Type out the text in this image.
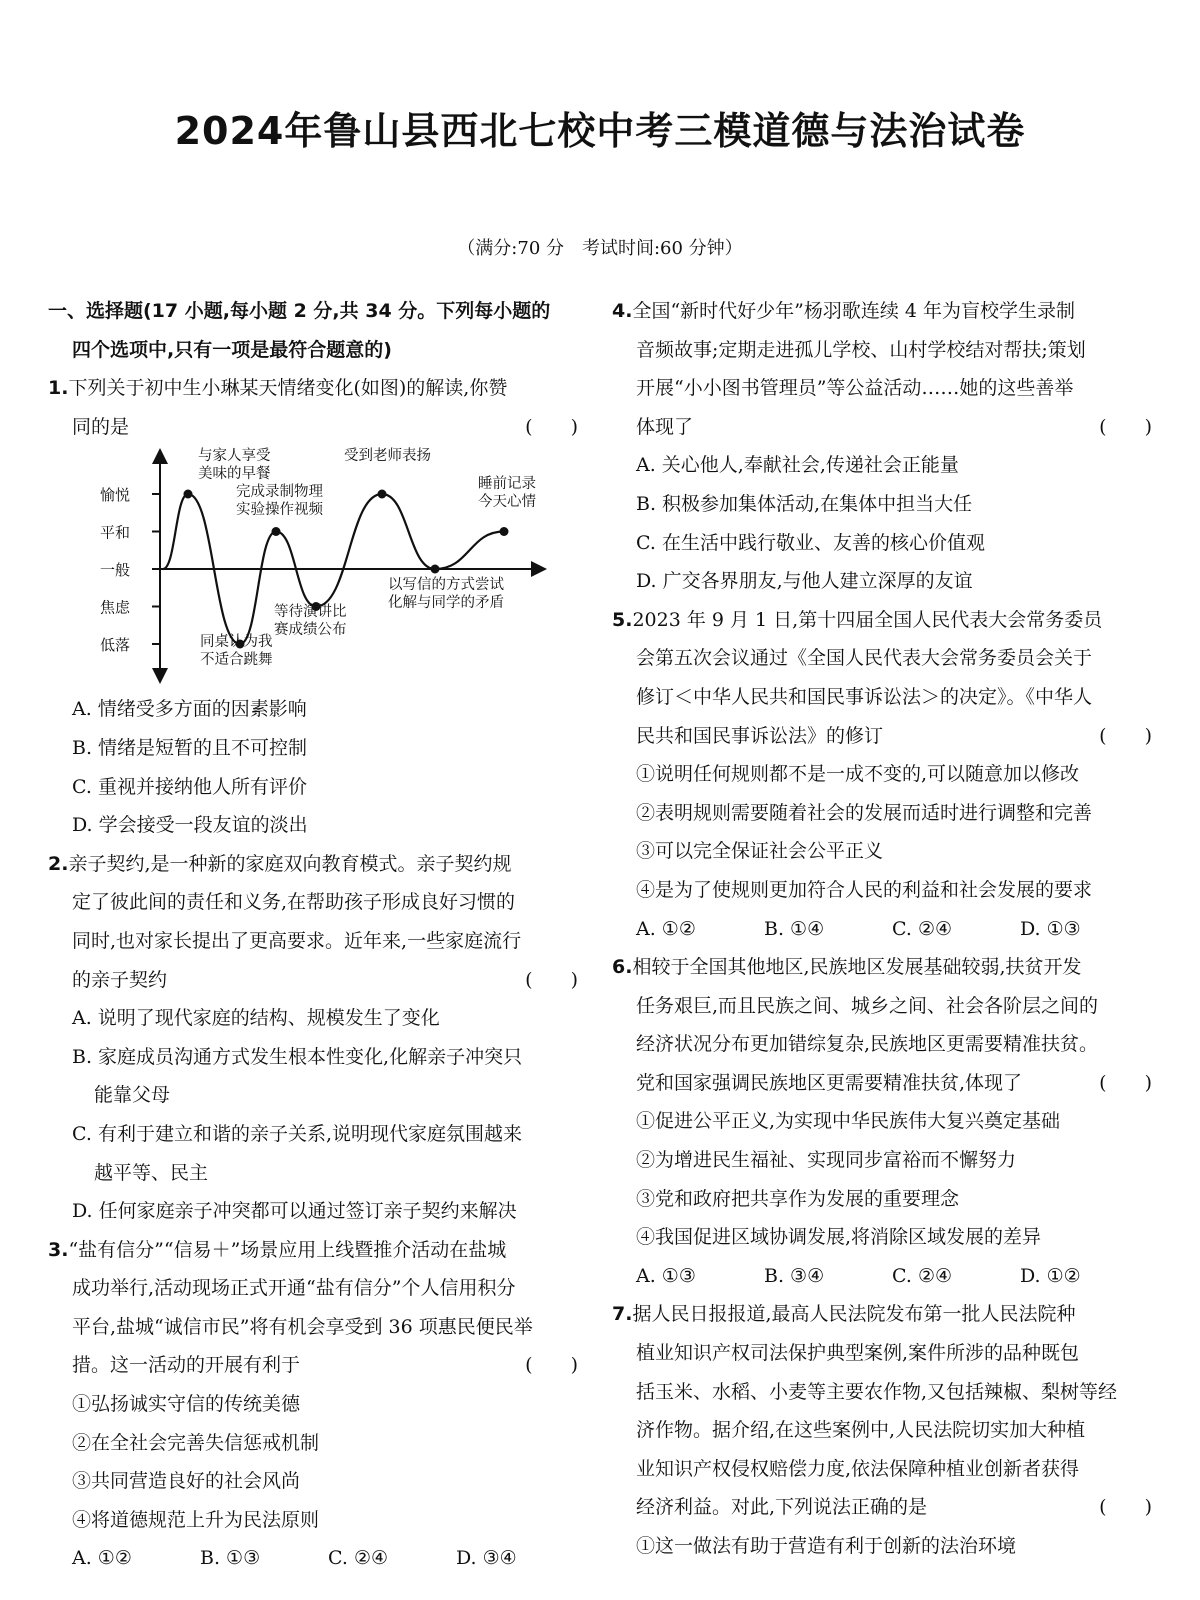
2024年鲁山县西北七校中考三模道德与法治试卷
（满分:70 分　考试时间:60 分钟）
一、选择题(17 小题,每小题 2 分,共 34 分。下列每小题的
四个选项中,只有一项是最符合题意的)
1.下列关于初中生小琳某天情绪变化(如图)的解读,你赞
同的是	(　　)
愉悦
平和
一般
焦虑
低落
与家人享受
美味的早餐
同桌认为我
不适合跳舞
完成录制物理
实验操作视频
等待演讲比
赛成绩公布
受到老师表扬
以写信的方式尝试
化解与同学的矛盾
睡前记录
今天心情
A. 情绪受多方面的因素影响
B. 情绪是短暂的且不可控制
C. 重视并接纳他人所有评价
D. 学会接受一段友谊的淡出
2.亲子契约,是一种新的家庭双向教育模式。亲子契约规
定了彼此间的责任和义务,在帮助孩子形成良好习惯的
同时,也对家长提出了更高要求。近年来,一些家庭流行
的亲子契约	(　　)
A. 说明了现代家庭的结构、规模发生了变化
B. 家庭成员沟通方式发生根本性变化,化解亲子冲突只
能靠父母
C. 有利于建立和谐的亲子关系,说明现代家庭氛围越来
越平等、民主
D. 任何家庭亲子冲突都可以通过签订亲子契约来解决
3.“盐有信分”“信易＋”场景应用上线暨推介活动在盐城
成功举行,活动现场正式开通“盐有信分”个人信用积分
平台,盐城“诚信市民”将有机会享受到 36 项惠民便民举
措。这一活动的开展有利于	(　　)
①弘扬诚实守信的传统美德
②在全社会完善失信惩戒机制
③共同营造良好的社会风尚
④将道德规范上升为民法原则
A. ①②	B. ①③	C. ②④	D. ③④
4.全国“新时代好少年”杨羽歌连续 4 年为盲校学生录制
音频故事;定期走进孤儿学校、山村学校结对帮扶;策划
开展“小小图书管理员”等公益活动……她的这些善举
体现了	(　　)
A. 关心他人,奉献社会,传递社会正能量
B. 积极参加集体活动,在集体中担当大任
C. 在生活中践行敬业、友善的核心价值观
D. 广交各界朋友,与他人建立深厚的友谊
5.2023 年 9 月 1 日,第十四届全国人民代表大会常务委员
会第五次会议通过《全国人民代表大会常务委员会关于
修订＜中华人民共和国民事诉讼法＞的决定》。《中华人
民共和国民事诉讼法》的修订	(　　)
①说明任何规则都不是一成不变的,可以随意加以修改
②表明规则需要随着社会的发展而适时进行调整和完善
③可以完全保证社会公平正义
④是为了使规则更加符合人民的利益和社会发展的要求
A. ①②	B. ①④	C. ②④	D. ①③
6.相较于全国其他地区,民族地区发展基础较弱,扶贫开发
任务艰巨,而且民族之间、城乡之间、社会各阶层之间的
经济状况分布更加错综复杂,民族地区更需要精准扶贫。
党和国家强调民族地区更需要精准扶贫,体现了	(　　)
①促进公平正义,为实现中华民族伟大复兴奠定基础
②为增进民生福祉、实现同步富裕而不懈努力
③党和政府把共享作为发展的重要理念
④我国促进区域协调发展,将消除区域发展的差异
A. ①③	B. ③④	C. ②④	D. ①②
7.据人民日报报道,最高人民法院发布第一批人民法院种
植业知识产权司法保护典型案例,案件所涉的品种既包
括玉米、水稻、小麦等主要农作物,又包括辣椒、梨树等经
济作物。据介绍,在这些案例中,人民法院切实加大种植
业知识产权侵权赔偿力度,依法保障种植业创新者获得
经济利益。对此,下列说法正确的是	(　　)
①这一做法有助于营造有利于创新的法治环境
